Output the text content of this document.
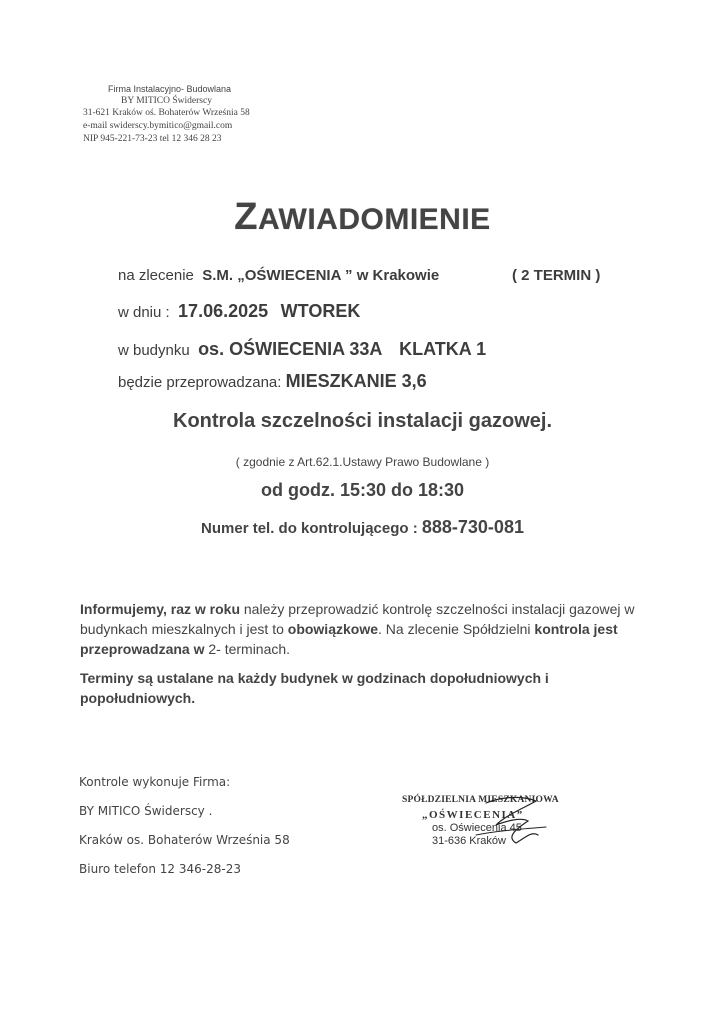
Firma Instalacyjno- Budowlana
BY MITICO Świderscy
31-621 Kraków oś. Bohaterów Września 58
e-mail swiderscy.bymitico@gmail.com
NIP 945-221-73-23 tel 12 346 28 23
ZAWIADOMIENIE
na zlecenie S.M. „OŚWIECENIA ” w Krakowie	( 2 TERMIN )
w dniu : 17.06.2025 WTOREK
w budynku os. OŚWIECENIA 33A KLATKA 1
będzie przeprowadzana: MIESZKANIE 3,6
Kontrola szczelności instalacji gazowej.
( zgodnie z Art.62.1.Ustawy Prawo Budowlane )
od godz. 15:30 do 18:30
Numer tel. do kontrolującego : 888-730-081
Informujemy, raz w roku należy przeprowadzić kontrolę szczelności instalacji gazowej w budynkach mieszkalnych i jest to obowiązkowe. Na zlecenie Spółdzielni kontrola jest przeprowadzana w 2- terminach.
Terminy są ustalane na każdy budynek w godzinach dopołudniowych i popołudniowych.
Kontrole wykonuje Firma:
BY MITICO Świderscy .
Kraków os. Bohaterów Września 58
Biuro telefon 12 346-28-23
SPÓŁDZIELNIA MIESZKANIOWA
„OŚWIECENIA”
os. Oświecenia 45
31-636 Kraków
